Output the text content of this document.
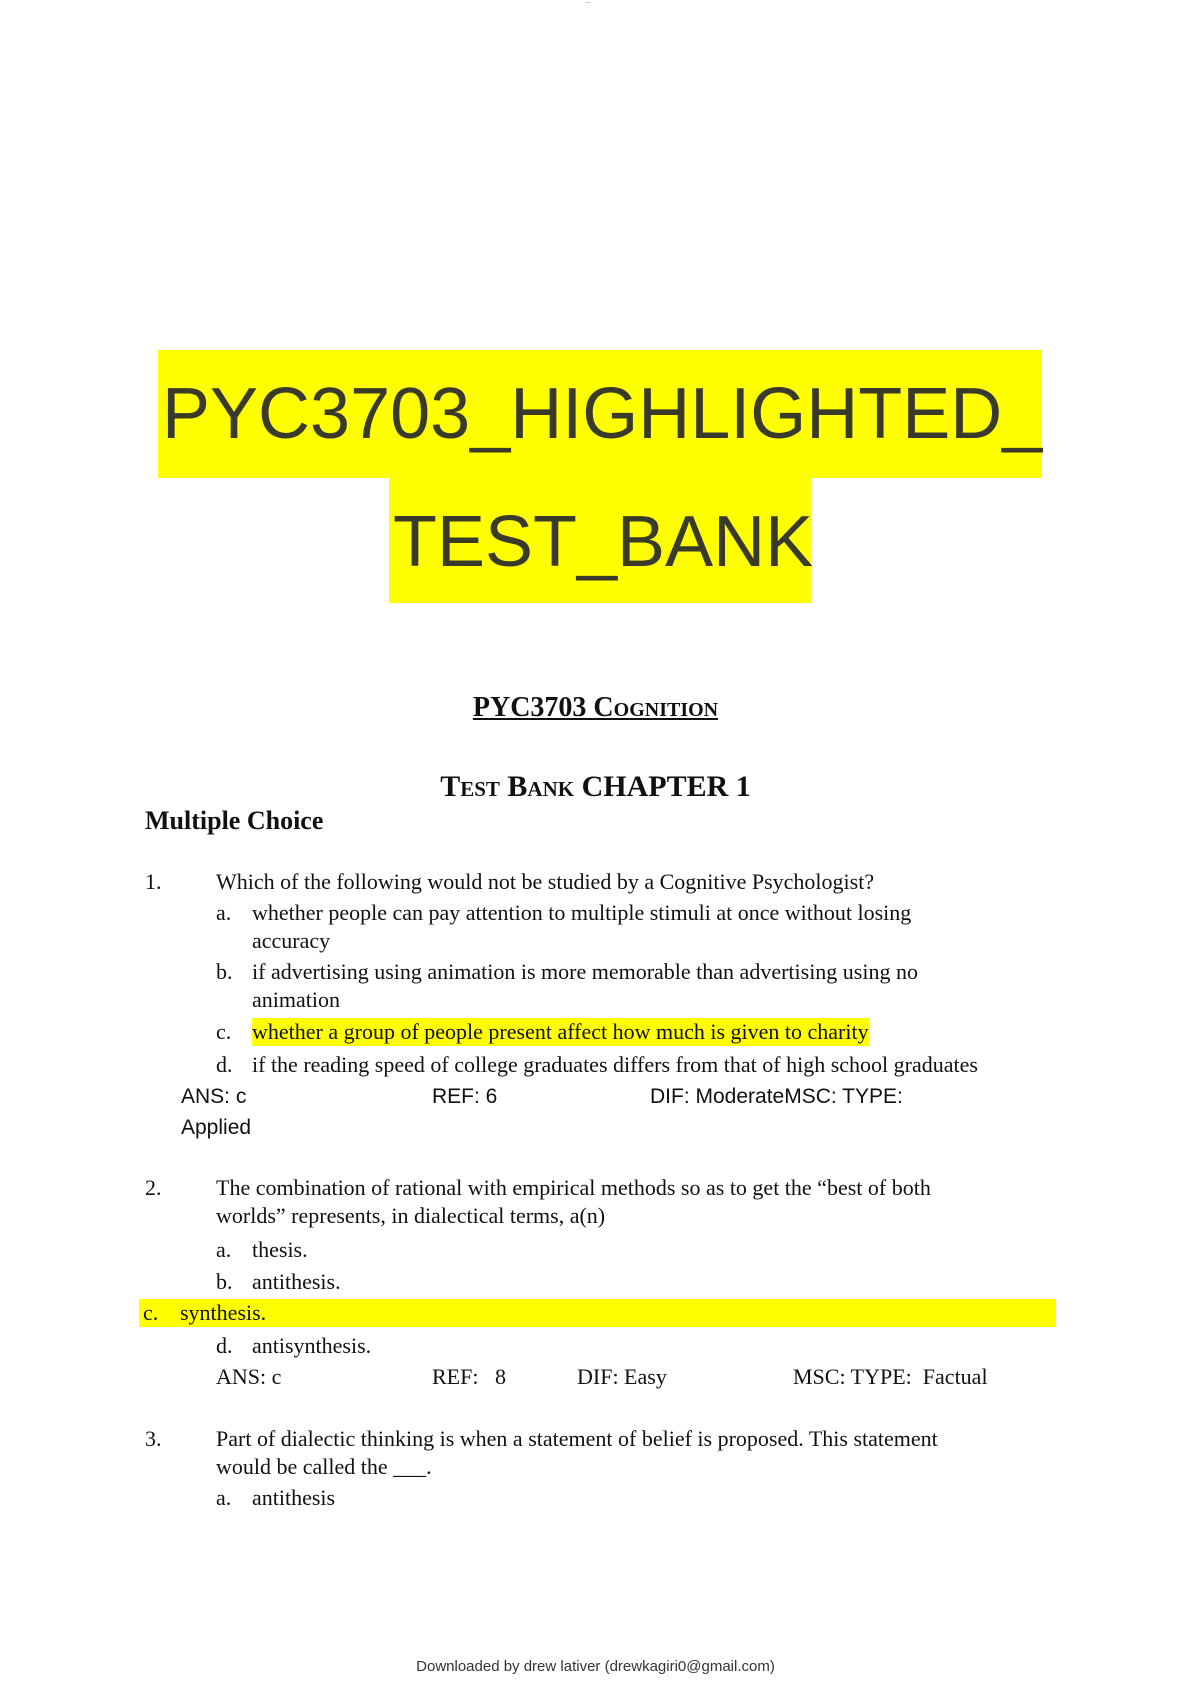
—
PYC3703_HIGHLIGHTED_
TEST_BANK
PYC3703 Cognition
Test Bank CHAPTER 1
Multiple Choice
1. Which of the following would not be studied by a Cognitive Psychologist?
a. whether people can pay attention to multiple stimuli at once without losing
accuracy
b. if advertising using animation is more memorable than advertising using no
animation
c. whether a group of people present affect how much is given to charity
d. if the reading speed of college graduates differs from that of high school graduates
ANS: c	REF: 6	DIF: ModerateMSC: TYPE:
Applied
2. The combination of rational with empirical methods so as to get the “best of both
worlds” represents, in dialectical terms, a(n)
a. thesis.
b. antithesis.
c. synthesis.
d. antisynthesis.
ANS: c	REF:   8	DIF: Easy	MSC: TYPE:  Factual
3. Part of dialectic thinking is when a statement of belief is proposed. This statement
would be called the ___.
a. antithesis
Downloaded by drew lativer (drewkagiri0@gmail.com)
